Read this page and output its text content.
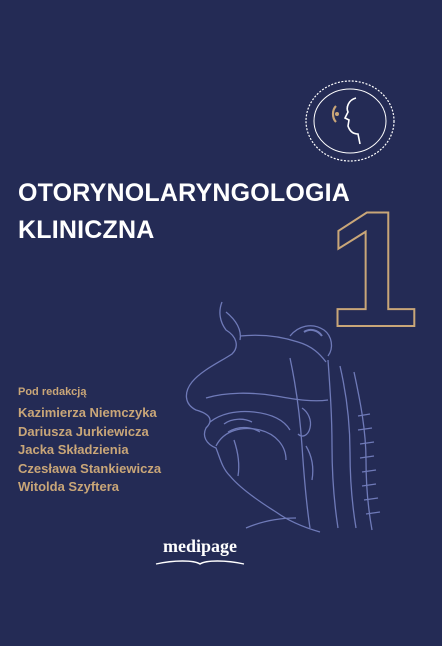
OTORYNOLARYNGOLOGIA
KLINICZNA	1
Pod redakcją
Kazimierza Niemczyka
Dariusza Jurkiewicza
Jacka Składzienia
Czesława Stankiewicza
Witolda Szyftera
medipage
